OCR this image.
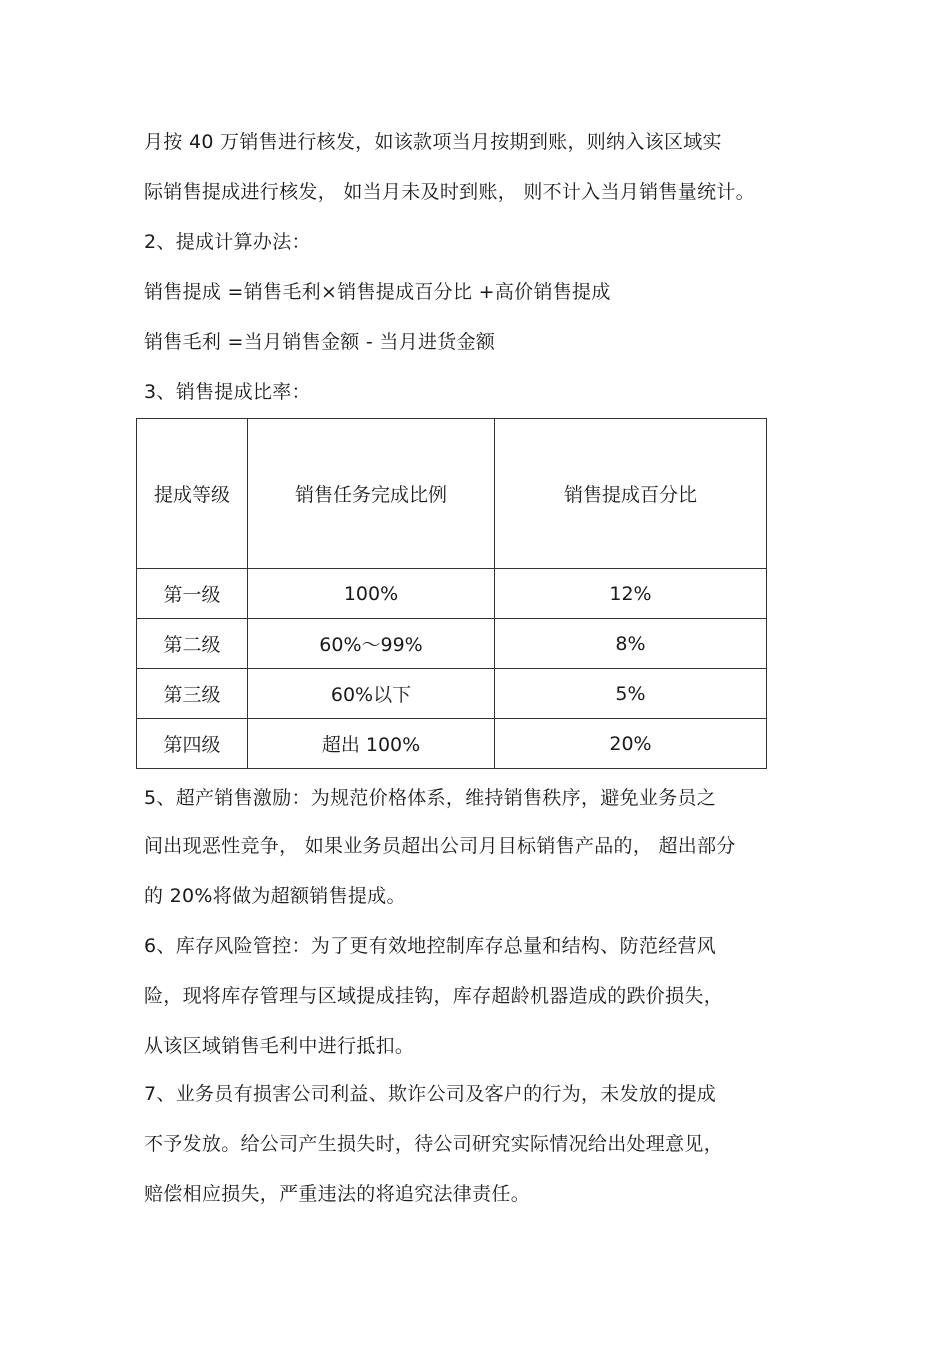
月按 40 万销售进行核发，如该款项当月按期到账，则纳入该区域实
际销售提成进行核发， 如当月未及时到账， 则不计入当月销售量统计。
2、提成计算办法：
销售提成 =销售毛利×销售提成百分比 +高价销售提成
销售毛利 =当月销售金额 - 当月进货金额
3、销售提成比率：
提成等级	销售任务完成比例	销售提成百分比
第一级	100%	12%
第二级	60%～99%	8%
第三级	60%以下	5%
第四级	超出 100%	20%
5、超产销售激励：为规范价格体系，维持销售秩序，避免业务员之
间出现恶性竞争， 如果业务员超出公司月目标销售产品的， 超出部分
的 20%将做为超额销售提成。
6、库存风险管控：为了更有效地控制库存总量和结构、防范经营风
险，现将库存管理与区域提成挂钩，库存超龄机器造成的跌价损失，
从该区域销售毛利中进行抵扣。
7、业务员有损害公司利益、欺诈公司及客户的行为，未发放的提成
不予发放。给公司产生损失时，待公司研究实际情况给出处理意见，
赔偿相应损失，严重违法的将追究法律责任。
